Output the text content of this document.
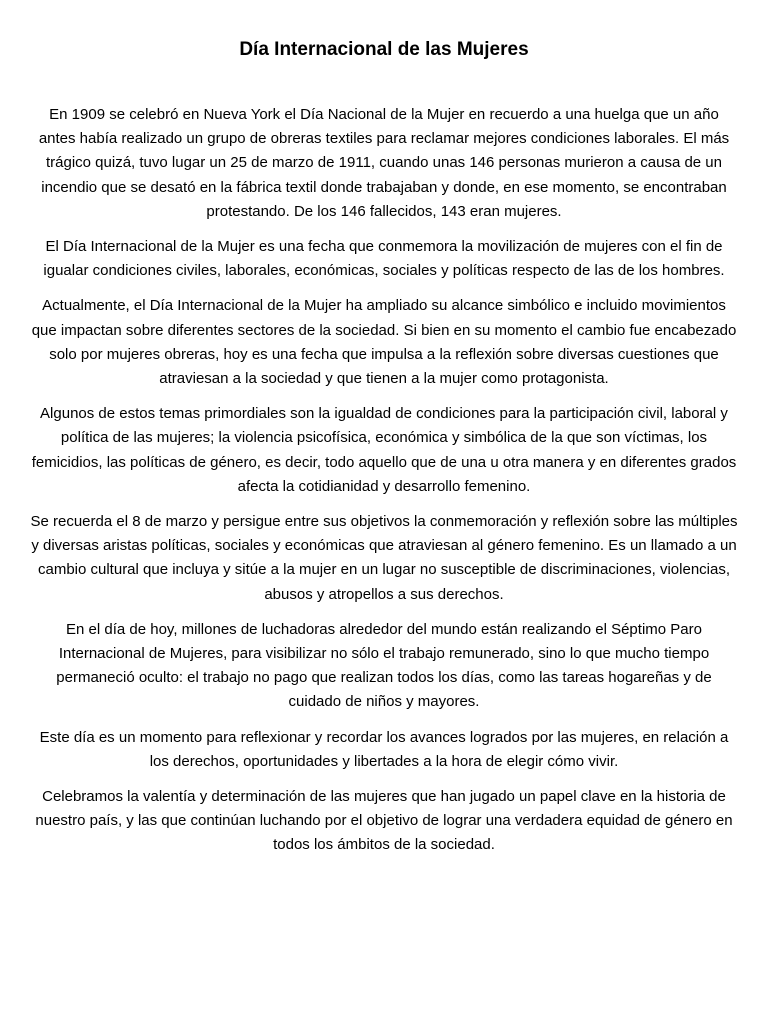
Día Internacional de las Mujeres

En 1909 se celebró en Nueva York el Día Nacional de la Mujer en recuerdo a una huelga que un año antes había realizado un grupo de obreras textiles para reclamar mejores condiciones laborales. El más trágico quizá, tuvo lugar un 25 de marzo de 1911, cuando unas 146 personas murieron a causa de un incendio que se desató en la fábrica textil donde trabajaban y donde, en ese momento, se encontraban protestando. De los 146 fallecidos, 143 eran mujeres.

El Día Internacional de la Mujer es una fecha que conmemora la movilización de mujeres con el fin de igualar condiciones civiles, laborales, económicas, sociales y políticas respecto de las de los hombres.

Actualmente, el Día Internacional de la Mujer ha ampliado su alcance simbólico e incluido movimientos que impactan sobre diferentes sectores de la sociedad. Si bien en su momento el cambio fue encabezado solo por mujeres obreras, hoy es una fecha que impulsa a la reflexión sobre diversas cuestiones que atraviesan a la sociedad y que tienen a la mujer como protagonista.

Algunos de estos temas primordiales son la igualdad de condiciones para la participación civil, laboral y política de las mujeres; la violencia psicofísica, económica y simbólica de la que son víctimas, los femicidios, las políticas de género, es decir, todo aquello que de una u otra manera y en diferentes grados afecta la cotidianidad y desarrollo femenino.

Se recuerda el 8 de marzo y persigue entre sus objetivos la conmemoración y reflexión sobre las múltiples y diversas aristas políticas, sociales y económicas que atraviesan al género femenino. Es un llamado a un cambio cultural que incluya y sitúe a la mujer en un lugar no susceptible de discriminaciones, violencias, abusos y atropellos a sus derechos.

En el día de hoy, millones de luchadoras alrededor del mundo están realizando el Séptimo Paro Internacional de Mujeres, para visibilizar no sólo el trabajo remunerado, sino lo que mucho tiempo permaneció oculto: el trabajo no pago que realizan todos los días, como las tareas hogareñas y de cuidado de niños y mayores.

Este día es un momento para reflexionar y recordar los avances logrados por las mujeres, en relación a los derechos, oportunidades y libertades a la hora de elegir cómo vivir.

Celebramos la valentía y determinación de las mujeres que han jugado un papel clave en la historia de nuestro país, y las que continúan luchando por el objetivo de lograr una verdadera equidad de género en todos los ámbitos de la sociedad.
